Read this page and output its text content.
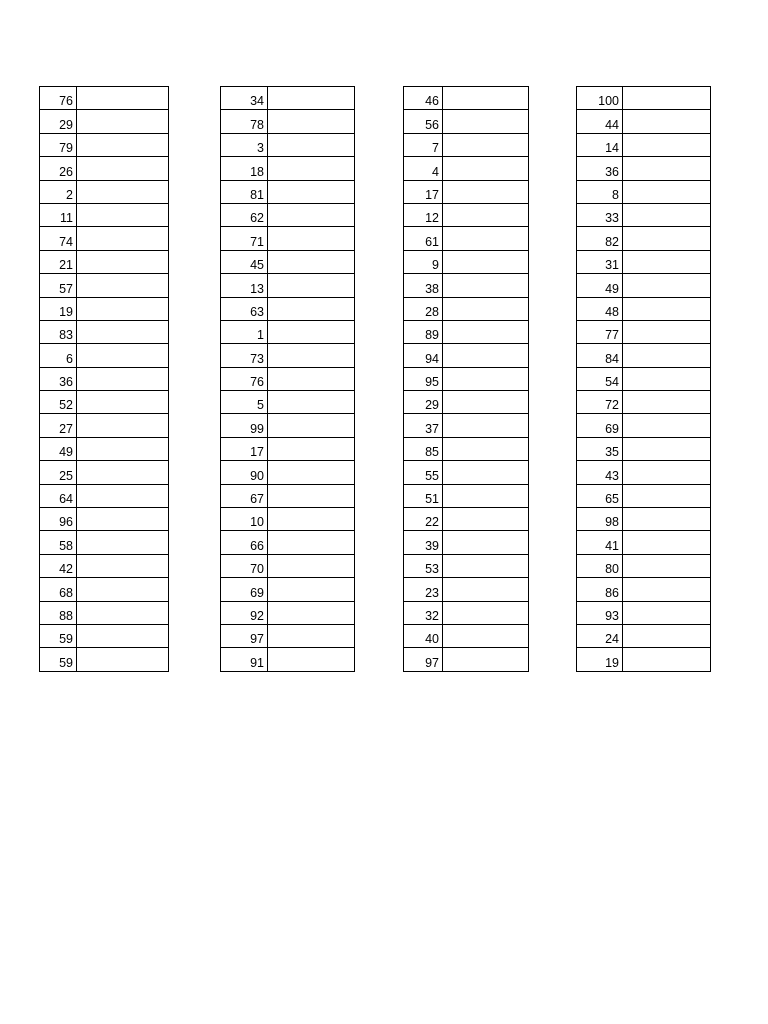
76	
29	
79	
26	
2	
11	
74	
21	
57	
19	
83	
6	
36	
52	
27	
49	
25	
64	
96	
58	
42	
68	
88	
59	
59	
34	
78	
3	
18	
81	
62	
71	
45	
13	
63	
1	
73	
76	
5	
99	
17	
90	
67	
10	
66	
70	
69	
92	
97	
91	
46	
56	
7	
4	
17	
12	
61	
9	
38	
28	
89	
94	
95	
29	
37	
85	
55	
51	
22	
39	
53	
23	
32	
40	
97	
100	
44	
14	
36	
8	
33	
82	
31	
49	
48	
77	
84	
54	
72	
69	
35	
43	
65	
98	
41	
80	
86	
93	
24	
19	
